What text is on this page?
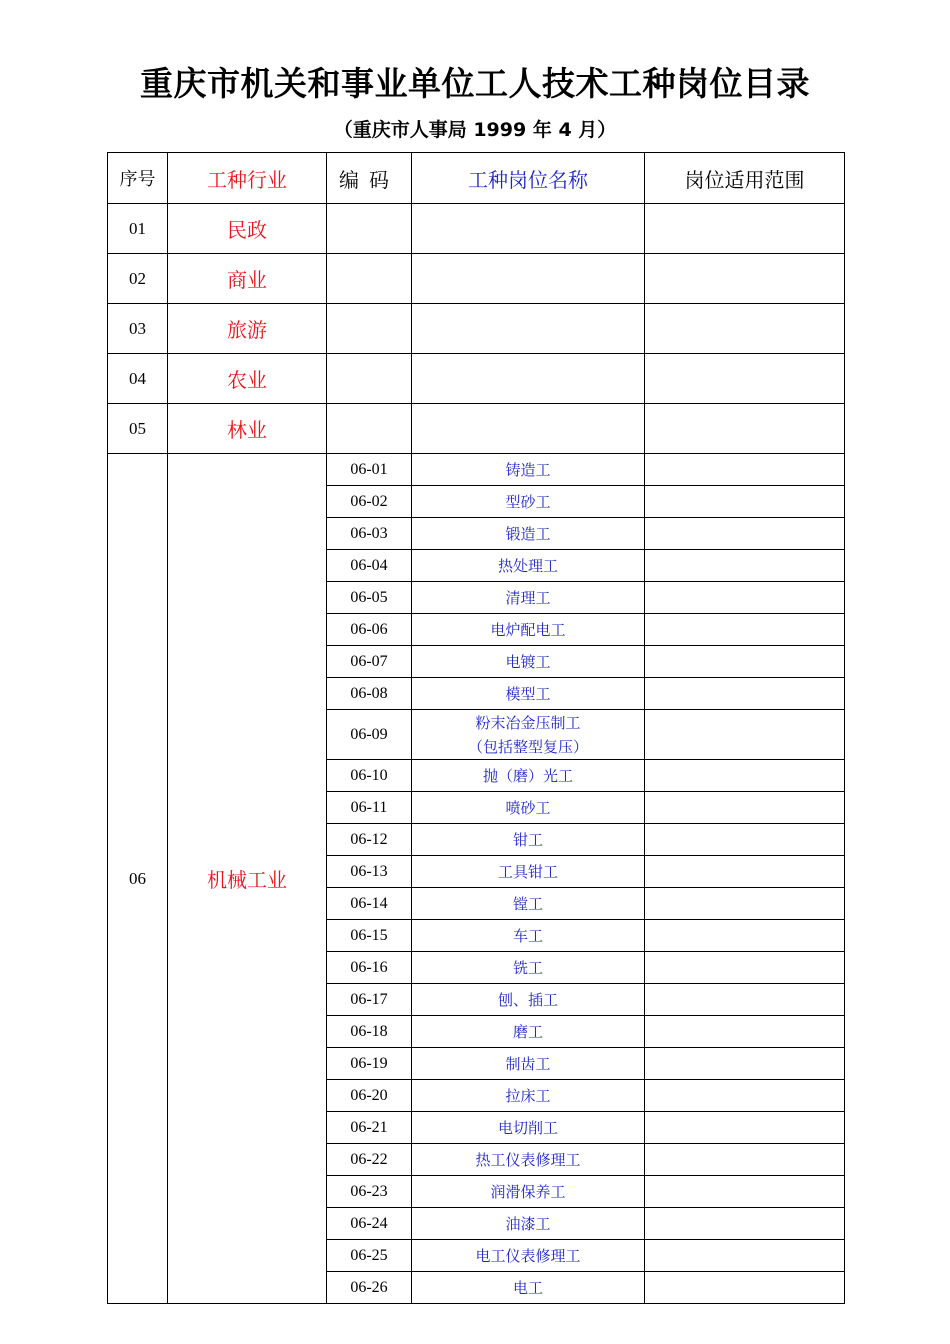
重庆市机关和事业单位工人技术工种岗位目录
（重庆市人事局 1999 年 4 月）
序号	工种行业	编码	工种岗位名称	岗位适用范围
01	民政			
02	商业			
03	旅游			
04	农业			
05	林业			
06	机械工业	06-01	铸造工	

		06-02	型砂工	

		06-03	锻造工	

		06-04	热处理工	

		06-05	清理工	

		06-06	电炉配电工	

		06-07	电镀工	

		06-08	模型工	

		06-09	粉末冶金压制工
（包括整型复压）	

		06-10	抛（磨）光工	

		06-11	喷砂工	

		06-12	钳工	

		06-13	工具钳工	

		06-14	镗工	

		06-15	车工	

		06-16	铣工	

		06-17	刨、插工	

		06-18	磨工	

		06-19	制齿工	

		06-20	拉床工	

		06-21	电切削工	

		06-22	热工仪表修理工	

		06-23	润滑保养工	

		06-24	油漆工	

		06-25	电工仪表修理工	

		06-26	电工	
